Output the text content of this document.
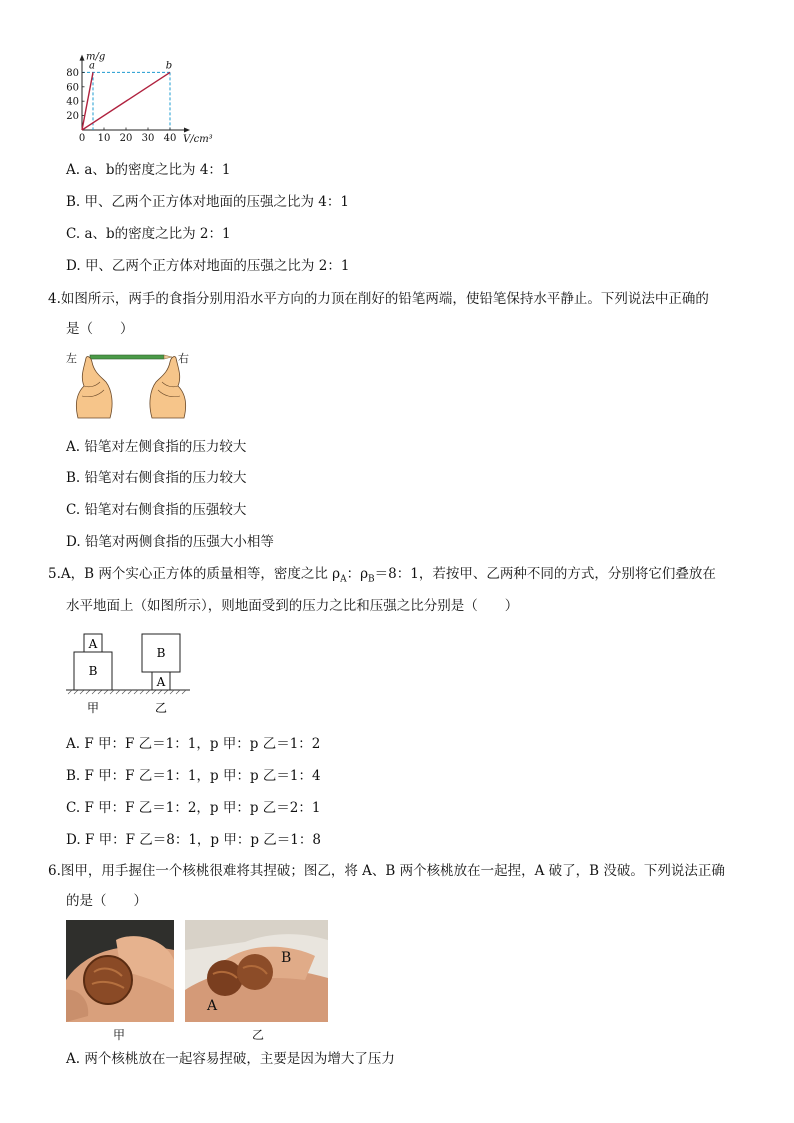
0 10 20 30 40
20
40
60
80
m/g
V/cm³
a	b
A. a、b的密度之比为 4：1
B. 甲、乙两个正方体对地面的压强之比为 4：1
C. a、b的密度之比为 2：1
D. 甲、乙两个正方体对地面的压强之比为 2：1
4.如图所示，两手的食指分别用沿水平方向的力顶在削好的铅笔两端，使铅笔保持水平静止。下列说法中正确的
是（　　）
左	右
A. 铅笔对左侧食指的压力较大
B. 铅笔对右侧食指的压力较大
C. 铅笔对右侧食指的压强较大
D. 铅笔对两侧食指的压强大小相等
5.A，B 两个实心正方体的质量相等，密度之比 $\rho_A$：$\rho_B=8$：1，若按甲、乙两种不同的方式，分别将它们叠放在
水平地面上（如图所示），则地面受到的压力之比和压强之比分别是（　　）
A
B
B
A
甲	乙
A. F 甲：F 乙＝1：1，p 甲：p 乙＝1：2
B. F 甲：F 乙＝1：1，p 甲：p 乙＝1：4
C. F 甲：F 乙＝1：2，p 甲：p 乙＝2：1
D. F 甲：F 乙＝8：1，p 甲：p 乙＝1：8
6.图甲，用手握住一个核桃很难将其捏破；图乙，将 A、B 两个核桃放在一起捏，A 破了，B 没破。下列说法正确
的是（　　）
甲
A
B
乙
A. 两个核桃放在一起容易捏破，主要是因为增大了压力
